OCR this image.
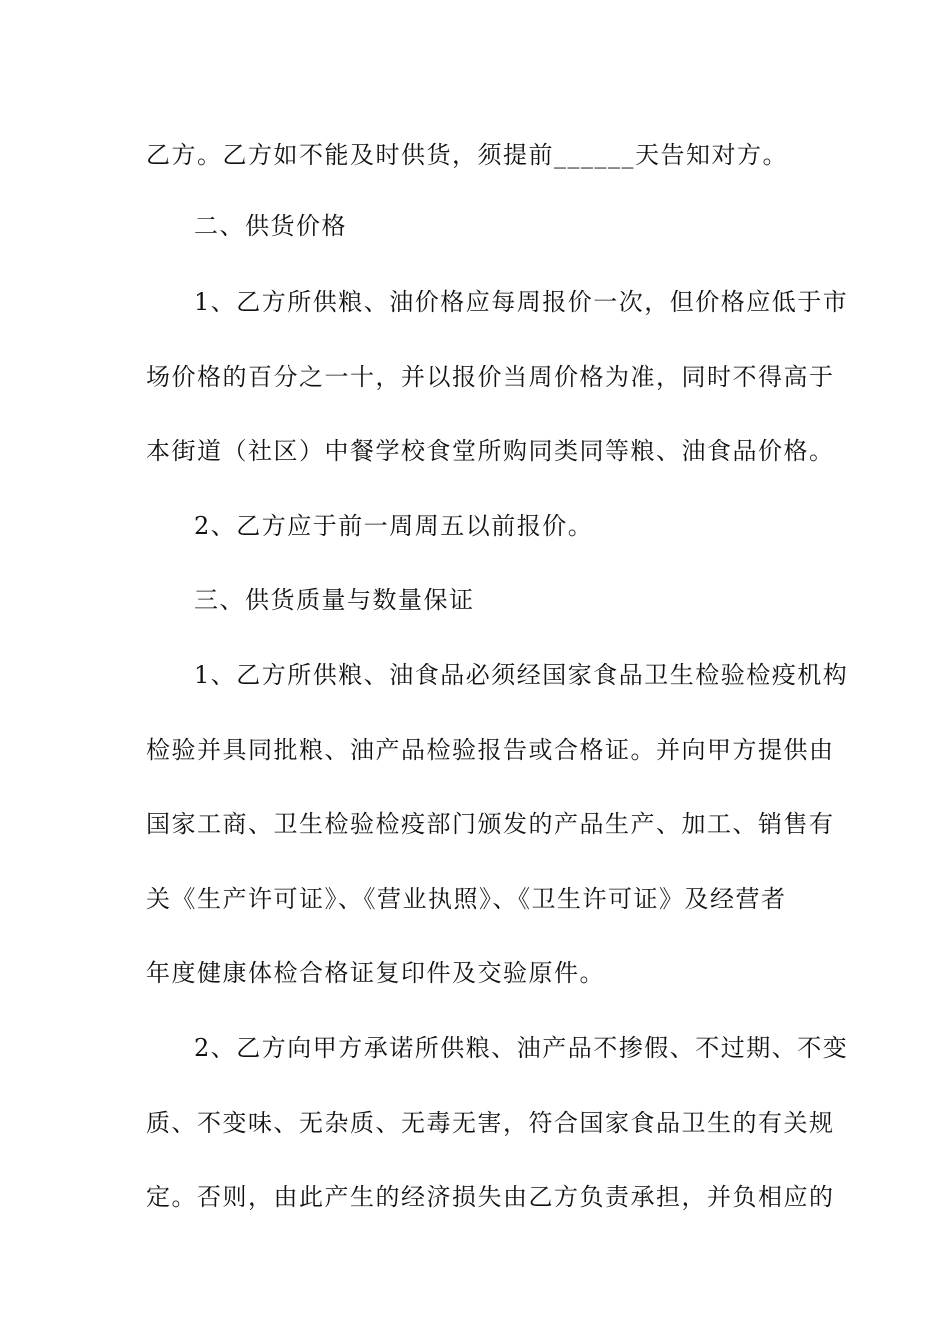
乙方。乙方如不能及时供货，须提前______天告知对方。
二、供货价格
1、乙方所供粮、油价格应每周报价一次，但价格应低于市
场价格的百分之一十，并以报价当周价格为准，同时不得高于
本街道（社区）中餐学校食堂所购同类同等粮、油食品价格。
2、乙方应于前一周周五以前报价。
三、供货质量与数量保证
1、乙方所供粮、油食品必须经国家食品卫生检验检疫机构
检验并具同批粮、油产品检验报告或合格证。并向甲方提供由
国家工商、卫生检验检疫部门颁发的产品生产、加工、销售有
关《生产许可证》、《营业执照》、《卫生许可证》及经营者
年度健康体检合格证复印件及交验原件。
2、乙方向甲方承诺所供粮、油产品不掺假、不过期、不变
质、不变味、无杂质、无毒无害，符合国家食品卫生的有关规
定。否则，由此产生的经济损失由乙方负责承担，并负相应的
